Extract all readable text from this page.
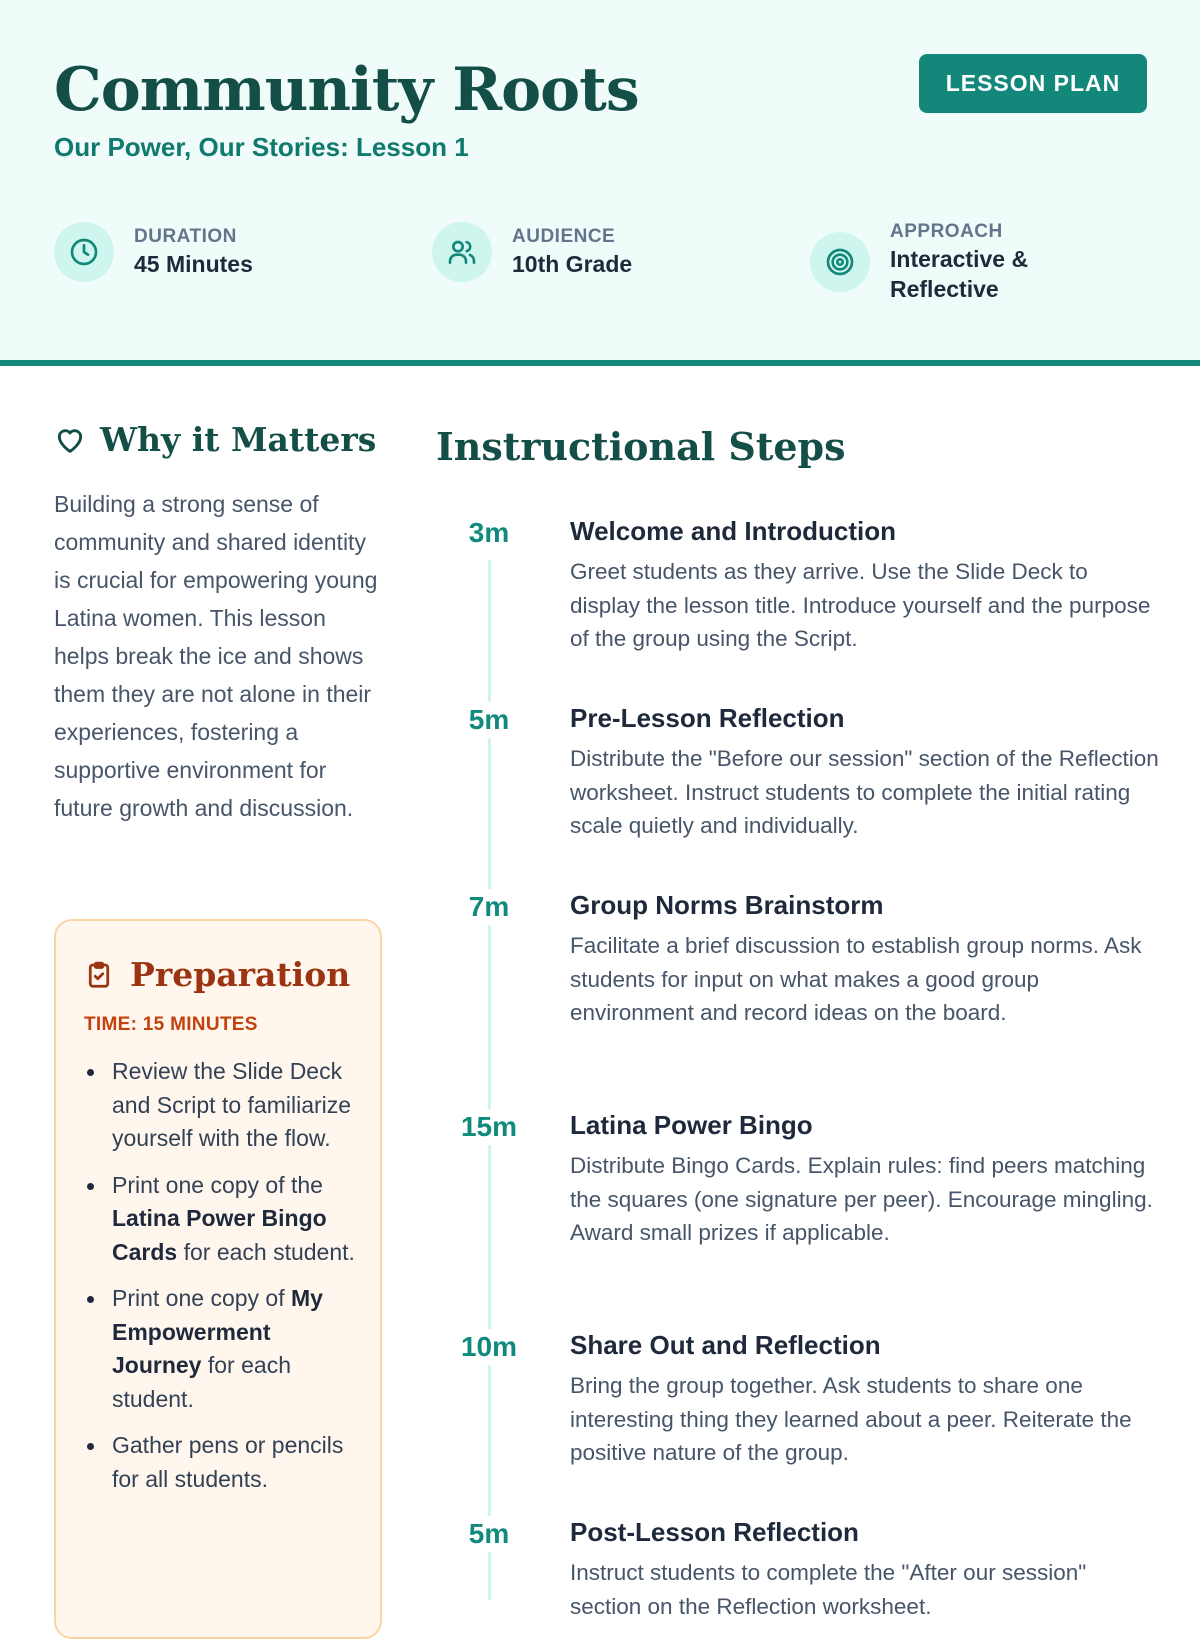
Community Roots
Our Power, Our Stories: Lesson 1
LESSON PLAN
DURATION
45 Minutes
AUDIENCE
10th Grade
APPROACH
Interactive &
Reflective
Why it Matters

Building a strong sense of community and shared identity is crucial for empowering young Latina women. This lesson helps break the ice and shows them they are not alone in their experiences, fostering a supportive environment for future growth and discussion.

Preparation
TIME: 15 MINUTES
Review the Slide Deck and Script to familiarize yourself with the flow.
Print one copy of the Latina Power Bingo Cards for each student.
Print one copy of My Empowerment Journey for each student.
Gather pens or pencils for all students.
Instructional Steps
3m	Welcome and Introduction

Greet students as they arrive. Use the Slide Deck to display the lesson title. Introduce yourself and the purpose of the group using the Script.

5m	Pre-Lesson Reflection

Distribute the "Before our session" section of the Reflection worksheet. Instruct students to complete the initial rating scale quietly and individually.

7m	Group Norms Brainstorm

Facilitate a brief discussion to establish group norms. Ask students for input on what makes a good group environment and record ideas on the board.

15m	Latina Power Bingo

Distribute Bingo Cards. Explain rules: find peers matching the squares (one signature per peer). Encourage mingling. Award small prizes if applicable.

10m	Share Out and Reflection

Bring the group together. Ask students to share one interesting thing they learned about a peer. Reiterate the positive nature of the group.

5m	Post-Lesson Reflection

Instruct students to complete the "After our session" section on the Reflection worksheet.
